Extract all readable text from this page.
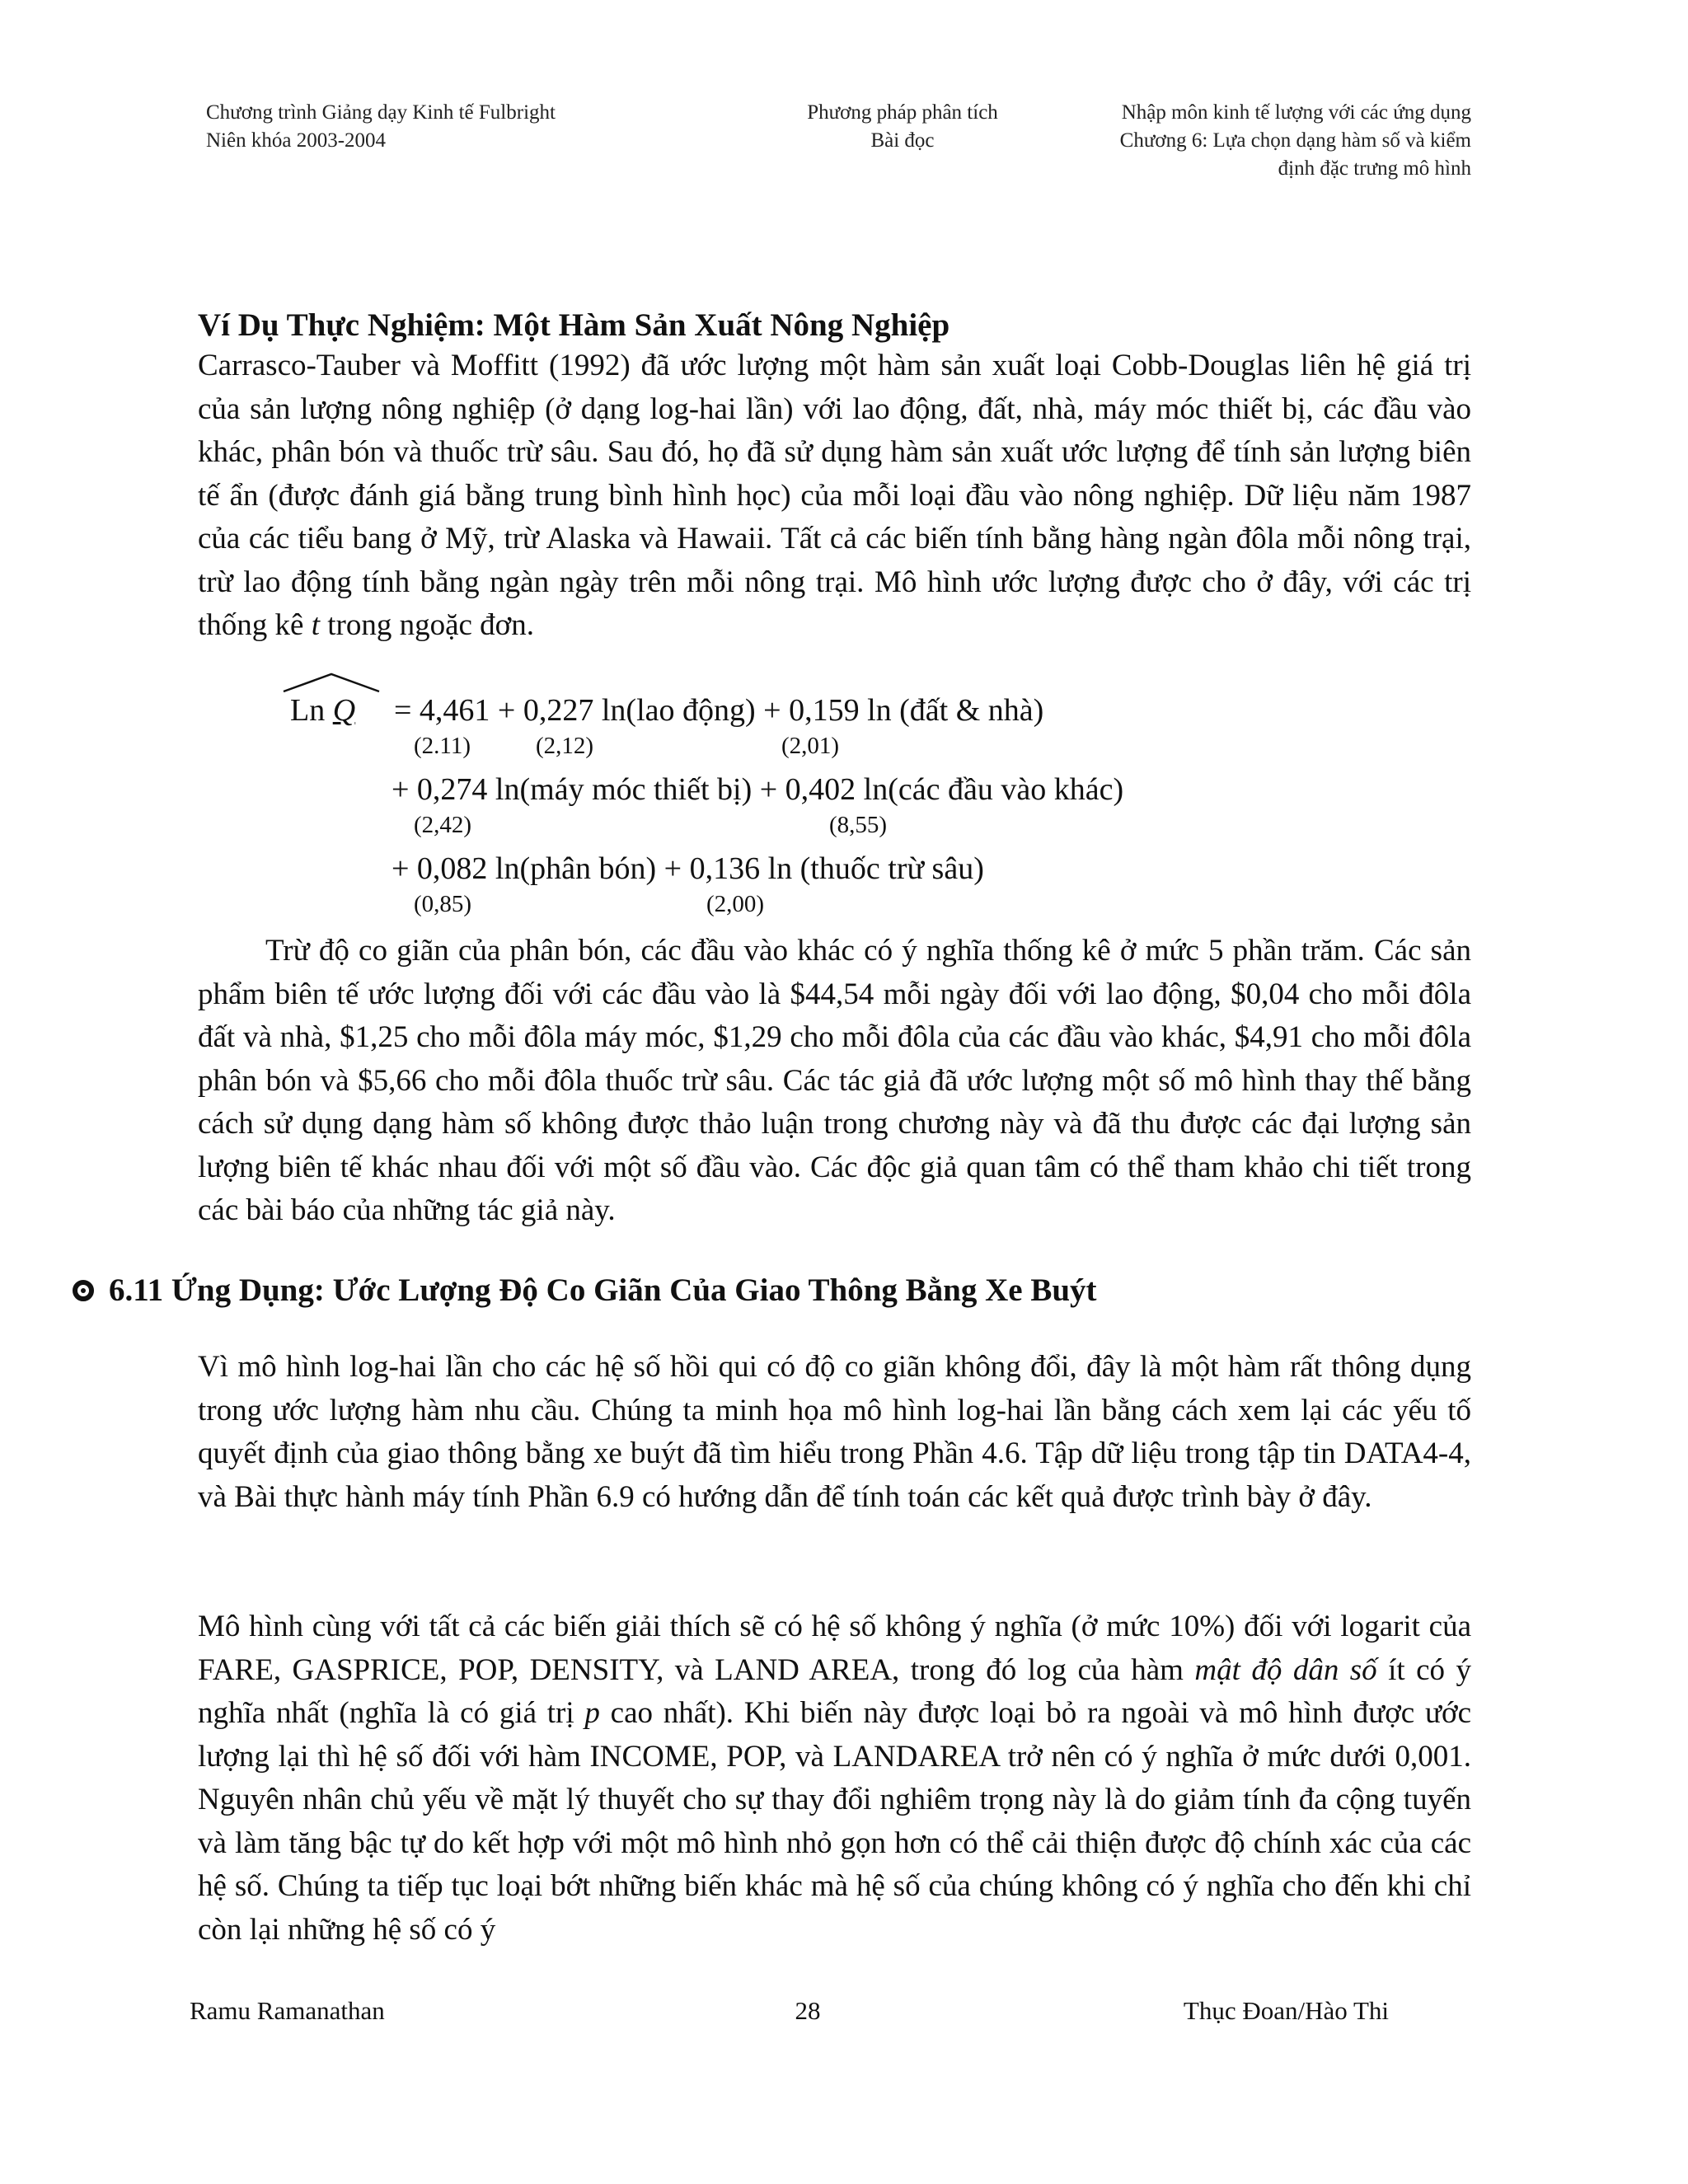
Chương trình Giảng dạy Kinh tế Fulbright
Niên khóa 2003-2004
Phương pháp phân tích
Bài đọc
Nhập môn kinh tế lượng với các ứng dụng
Chương 6: Lựa chọn dạng hàm số và kiểm
định đặc trưng mô hình
Ví Dụ Thực Nghiệm: Một Hàm Sản Xuất Nông Nghiệp
Carrasco-Tauber và Moffitt (1992) đã ước lượng một hàm sản xuất loại Cobb-Douglas liên hệ giá trị của sản lượng nông nghiệp (ở dạng log-hai lần) với lao động, đất, nhà, máy móc thiết bị, các đầu vào khác, phân bón và thuốc trừ sâu. Sau đó, họ đã sử dụng hàm sản xuất ước lượng để tính sản lượng biên tế ẩn (được đánh giá bằng trung bình hình học) của mỗi loại đầu vào nông nghiệp. Dữ liệu năm 1987 của các tiểu bang ở Mỹ, trừ Alaska và Hawaii. Tất cả các biến tính bằng hàng ngàn đôla mỗi nông trại, trừ lao động tính bằng ngàn ngày trên mỗi nông trại. Mô hình ước lượng được cho ở đây, với các trị thống kê t trong ngoặc đơn.
Ln Q = 4,461 + 0,227 ln(lao động) + 0,159 ln (đất & nhà)
(2.11)	(2,12)	(2,01)
+ 0,274 ln(máy móc thiết bị) + 0,402 ln(các đầu vào khác)
(2,42)	(8,55)
+ 0,082 ln(phân bón) + 0,136 ln (thuốc trừ sâu)
(0,85)	(2,00)
Trừ độ co giãn của phân bón, các đầu vào khác có ý nghĩa thống kê ở mức 5 phần trăm. Các sản phẩm biên tế ước lượng đối với các đầu vào là $44,54 mỗi ngày đối với lao động, $0,04 cho mỗi đôla đất và nhà, $1,25 cho mỗi đôla máy móc, $1,29 cho mỗi đôla của các đầu vào khác, $4,91 cho mỗi đôla phân bón và $5,66 cho mỗi đôla thuốc trừ sâu. Các tác giả đã ước lượng một số mô hình thay thế bằng cách sử dụng dạng hàm số không được thảo luận trong chương này và đã thu được các đại lượng sản lượng biên tế khác nhau đối với một số đầu vào. Các độc giả quan tâm có thể tham khảo chi tiết trong các bài báo của những tác giả này.
6.11 Ứng Dụng: Ước Lượng Độ Co Giãn Của Giao Thông Bằng Xe Buýt
Vì mô hình log-hai lần cho các hệ số hồi qui có độ co giãn không đổi, đây là một hàm rất thông dụng trong ước lượng hàm nhu cầu. Chúng ta minh họa mô hình log-hai lần bằng cách xem lại các yếu tố quyết định của giao thông bằng xe buýt đã tìm hiểu trong Phần 4.6. Tập dữ liệu trong tập tin DATA4-4, và Bài thực hành máy tính Phần 6.9 có hướng dẫn để tính toán các kết quả được trình bày ở đây.
Mô hình cùng với tất cả các biến giải thích sẽ có hệ số không ý nghĩa (ở mức 10%) đối với logarit của FARE, GASPRICE, POP, DENSITY, và LAND AREA, trong đó log của hàm mật độ dân số ít có ý nghĩa nhất (nghĩa là có giá trị p cao nhất). Khi biến này được loại bỏ ra ngoài và mô hình được ước lượng lại thì hệ số đối với hàm INCOME, POP, và LANDAREA trở nên có ý nghĩa ở mức dưới 0,001. Nguyên nhân chủ yếu về mặt lý thuyết cho sự thay đổi nghiêm trọng này là do giảm tính đa cộng tuyến và làm tăng bậc tự do kết hợp với một mô hình nhỏ gọn hơn có thể cải thiện được độ chính xác của các hệ số. Chúng ta tiếp tục loại bớt những biến khác mà hệ số của chúng không có ý nghĩa cho đến khi chỉ còn lại những hệ số có ý
Ramu Ramanathan	28	Thục Đoan/Hào Thi
